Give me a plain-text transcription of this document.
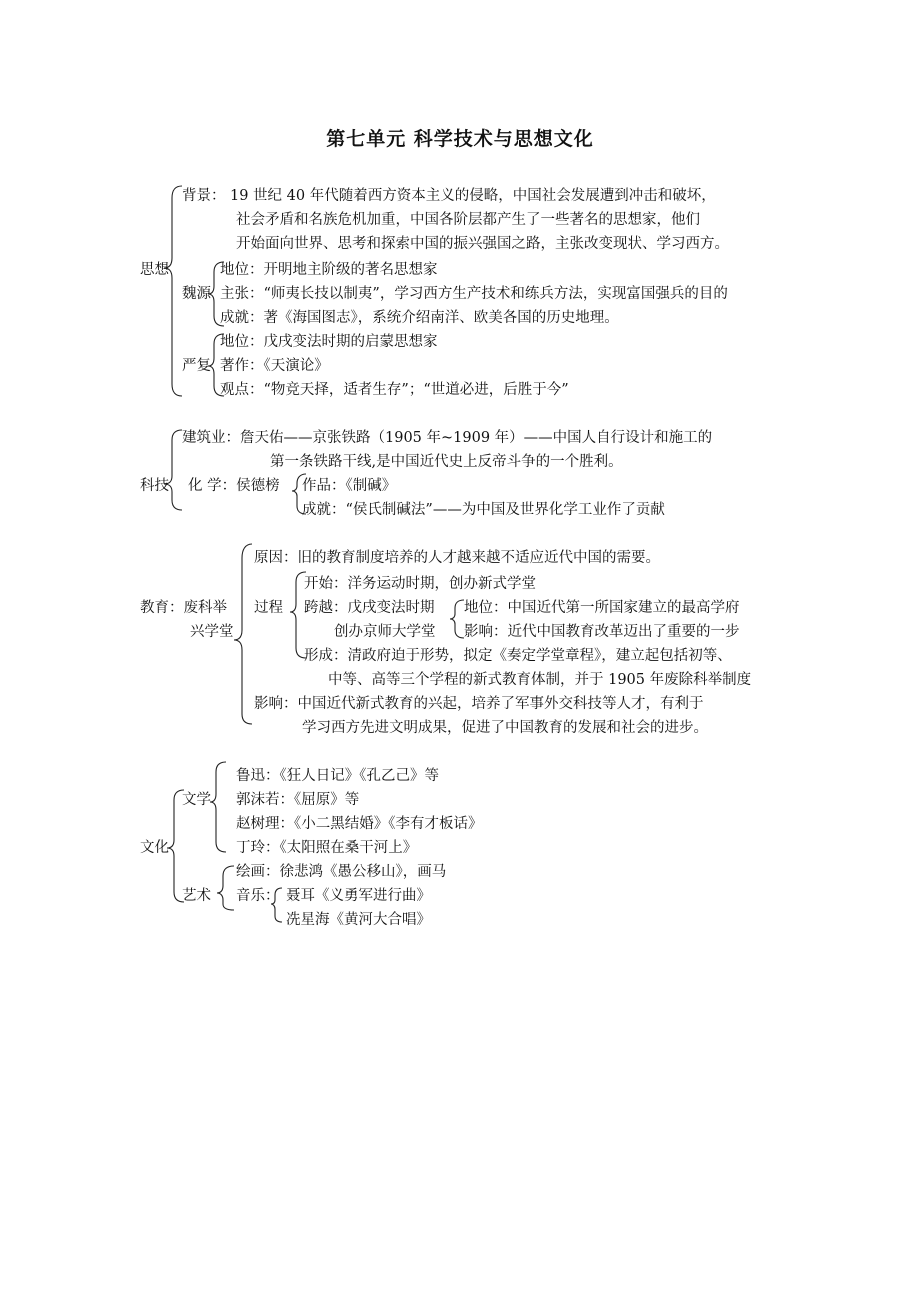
第七单元 科学技术与思想文化
思想
背景： 19 世纪 40 年代随着西方资本主义的侵略，中国社会发展遭到冲击和破坏，
社会矛盾和名族危机加重，中国各阶层都产生了一些著名的思想家，他们
开始面向世界、思考和探索中国的振兴强国之路，主张改变现状、学习西方。
魏源
地位：开明地主阶级的著名思想家
主张：“师夷长技以制夷”，学习西方生产技术和练兵方法，实现富国强兵的目的
成就：著《海国图志》，系统介绍南洋、欧美各国的历史地理。
严复
地位：戊戌变法时期的启蒙思想家
著作：《天演论》
观点：“物竞天择，适者生存”；“世道必进，后胜于今”
科技
建筑业：詹天佑——京张铁路（1905 年~1909 年）——中国人自行设计和施工的
第一条铁路干线,是中国近代史上反帝斗争的一个胜利。
化 学：侯德榜 作品：《制碱》
成就：“侯氏制碱法”——为中国及世界化学工业作了贡献
教育：废科举
兴学堂
原因：旧的教育制度培养的人才越来越不适应近代中国的需要。
过程
开始：洋务运动时期，创办新式学堂
跨越：戊戌变法时期
创办京师大学堂
地位：中国近代第一所国家建立的最高学府
影响：近代中国教育改革迈出了重要的一步
形成：清政府迫于形势，拟定《奏定学堂章程》，建立起包括初等、
中等、高等三个学程的新式教育体制，并于 1905 年废除科举制度
影响：中国近代新式教育的兴起，培养了军事外交科技等人才，有利于
学习西方先进文明成果，促进了中国教育的发展和社会的进步。
文化
文学
鲁迅：《狂人日记》《孔乙己》等
郭沫若：《屈原》等
赵树理：《小二黑结婚》《李有才板话》
丁玲：《太阳照在桑干河上》
艺术
绘画：徐悲鸿《愚公移山》，画马
音乐： 聂耳《义勇军进行曲》
冼星海《黄河大合唱》
